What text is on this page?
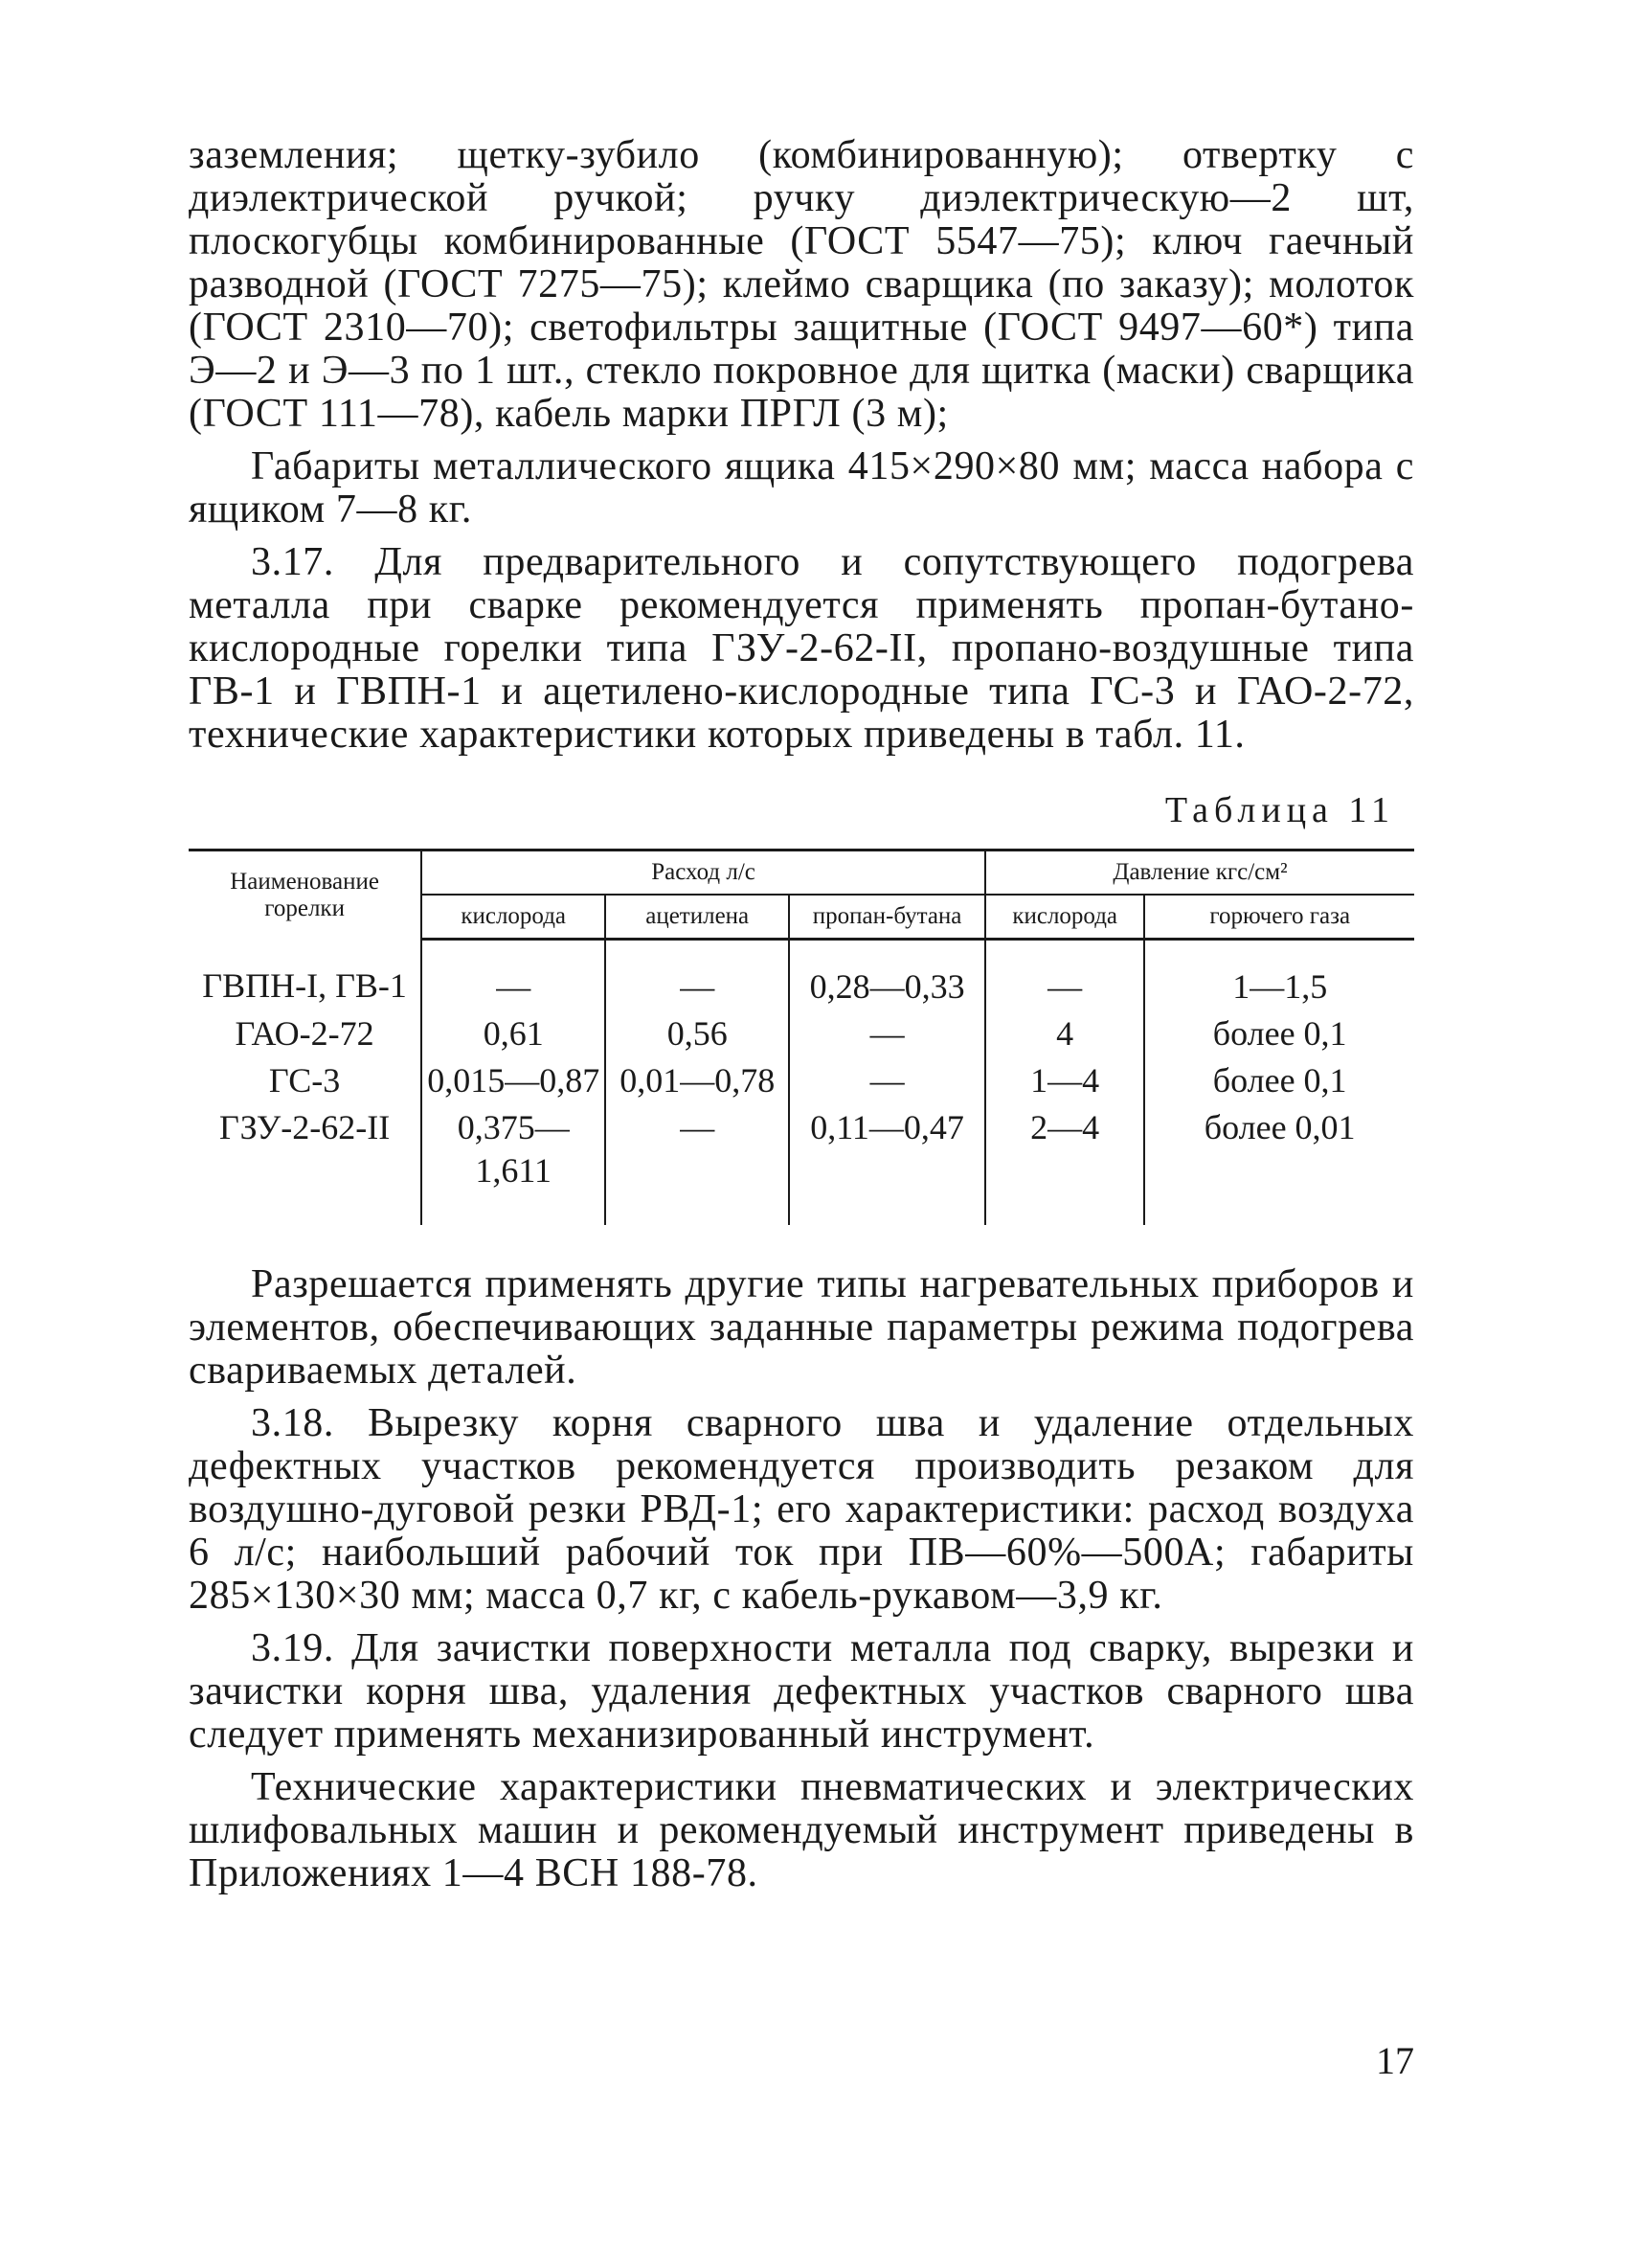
заземления; щетку-зубило (комбинированную); отвертку с диэлектрической ручкой; ручку диэлектрическую—2 шт, плоскогубцы комбинированные (ГОСТ 5547—75); ключ гаечный разводной (ГОСТ 7275—75); клеймо сварщика (по заказу); молоток (ГОСТ 2310—70); светофильтры защитные (ГОСТ 9497—60*) типа Э—2 и Э—3 по 1 шт., стекло покровное для щитка (маски) сварщика (ГОСТ 111—78), кабель марки ПРГЛ (3 м);

Габариты металлического ящика 415×290×80 мм; масса набора с ящиком 7—8 кг.

3.17. Для предварительного и сопутствующего подогрева металла при сварке рекомендуется применять пропан-бутано-кислородные горелки типа ГЗУ-2-62-II, пропано-воздушные типа ГВ-1 и ГВПН-1 и ацетилено-кислородные типа ГС-3 и ГАО-2-72, технические характеристики которых приведены в табл. 11.

Таблица 11
Наименование горелки	Расход л/с			Давление кгс/см²	
	кислорода	ацетилена	пропан-бутана	кислорода	горючего газа
ГВПН-I, ГВ-1	—	—	0,28—0,33	—	1—1,5
ГАО-2-72	0,61	0,56	—	4	более 0,1
ГС-3	0,015—0,87	0,01—0,78	—	1—4	более 0,1
ГЗУ-2-62-II	0,375—1,611	—	0,11—0,47	2—4	более 0,01

Разрешается применять другие типы нагревательных приборов и элементов, обеспечивающих заданные параметры режима подогрева свариваемых деталей.

3.18. Вырезку корня сварного шва и удаление отдельных дефектных участков рекомендуется производить резаком для воздушно-дуговой резки РВД-1; его характеристики: расход воздуха 6 л/с; наибольший рабочий ток при ПВ—60%—500А; габариты 285×130×30 мм; масса 0,7 кг, с кабель-рукавом—3,9 кг.

3.19. Для зачистки поверхности металла под сварку, вырезки и зачистки корня шва, удаления дефектных участков сварного шва следует применять механизированный инструмент.

Технические характеристики пневматических и электрических шлифовальных машин и рекомендуемый инструмент приведены в Приложениях 1—4 ВСН 188-78.

17
